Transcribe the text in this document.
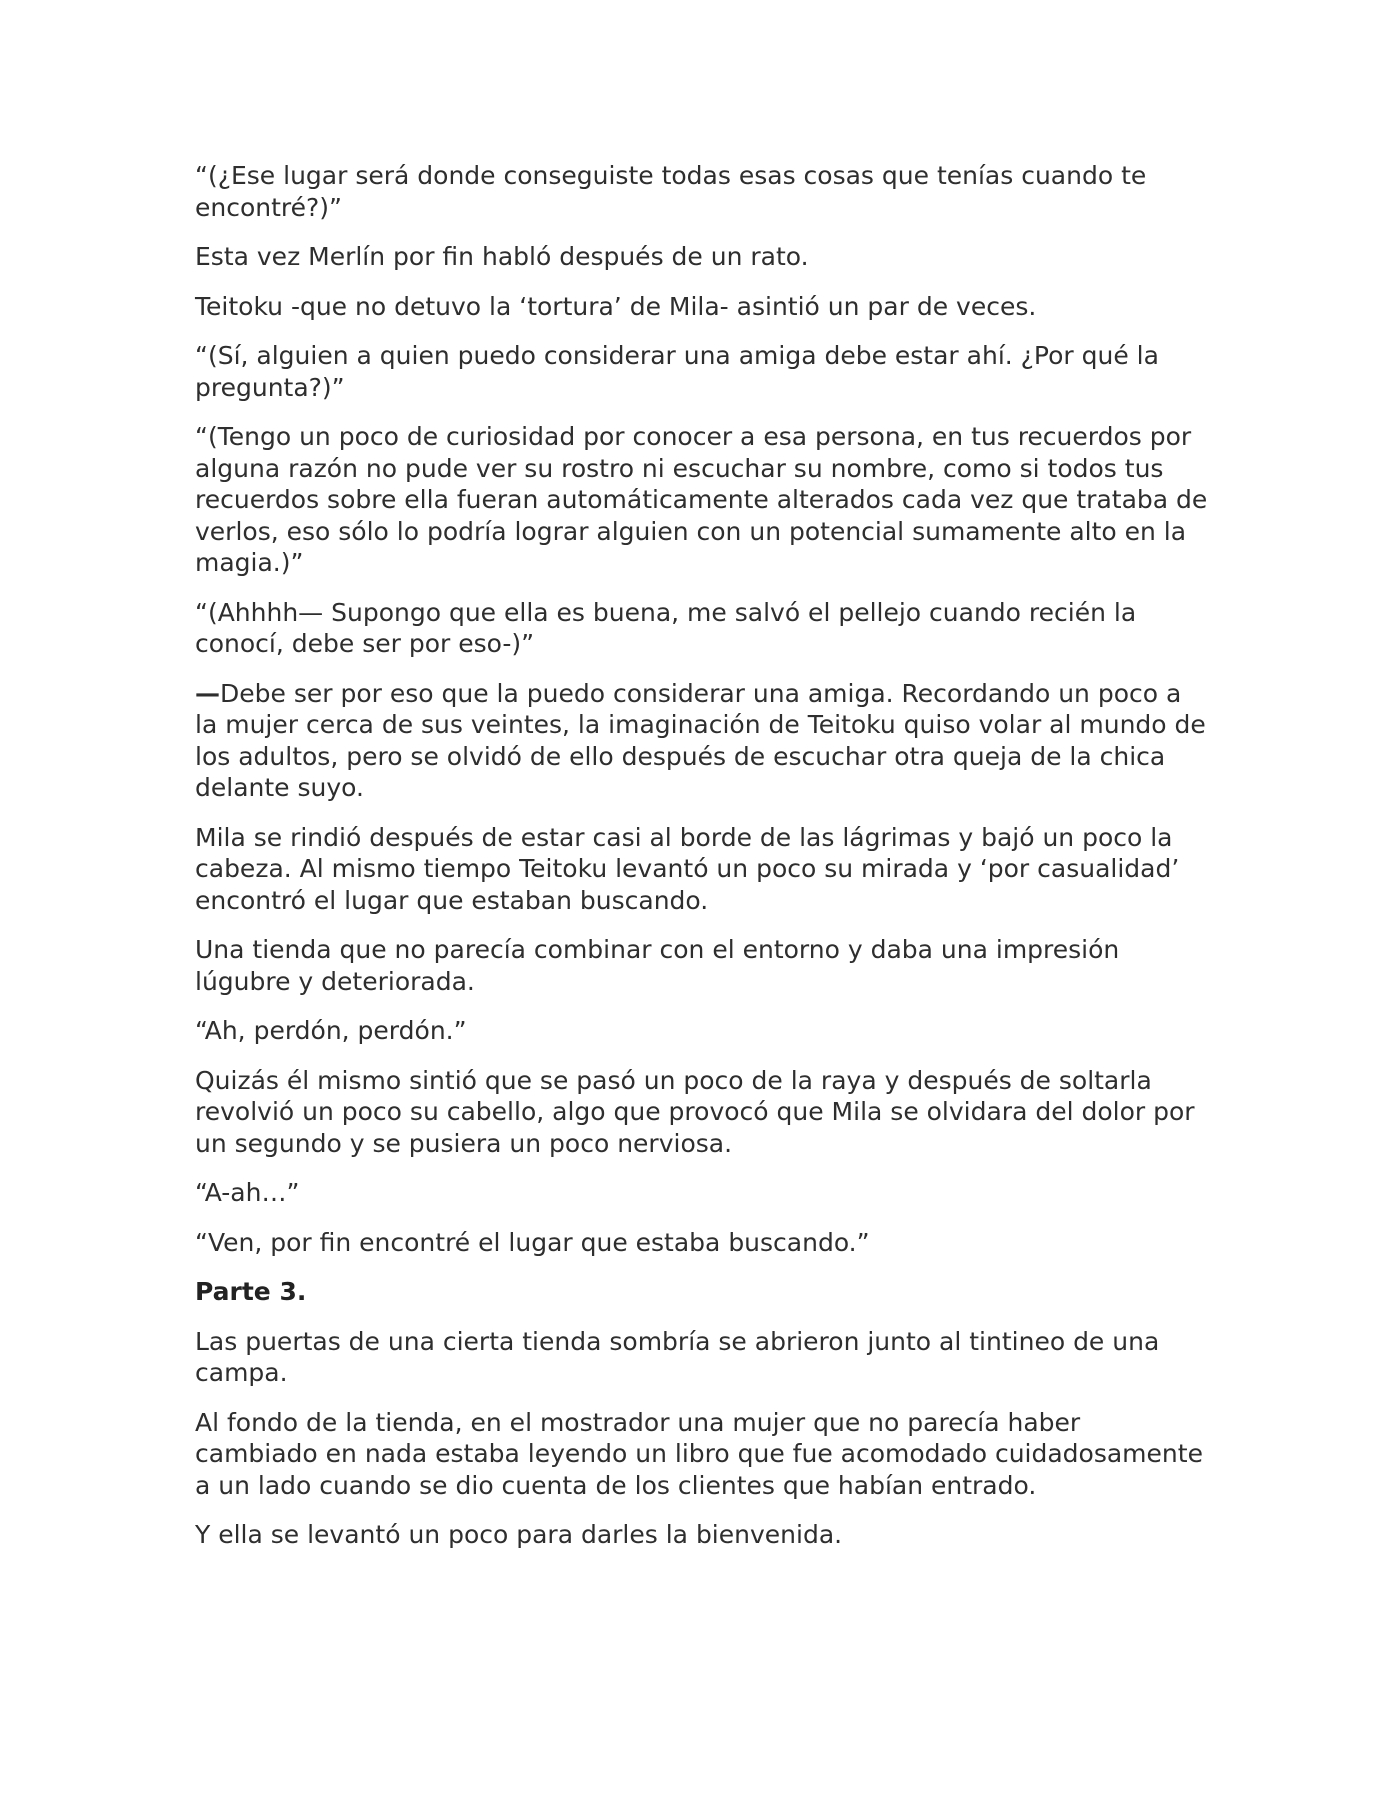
“(¿Ese lugar será donde conseguiste todas esas cosas que tenías cuando te encontré?)”

Esta vez Merlín por fin habló después de un rato.

Teitoku -que no detuvo la ‘tortura’ de Mila- asintió un par de veces.

“(Sí, alguien a quien puedo considerar una amiga debe estar ahí. ¿Por qué la pregunta?)”

“(Tengo un poco de curiosidad por conocer a esa persona, en tus recuerdos por alguna razón no pude ver su rostro ni escuchar su nombre, como si todos tus recuerdos sobre ella fueran automáticamente alterados cada vez que trataba de verlos, eso sólo lo podría lograr alguien con un potencial sumamente alto en la magia.)”

“(Ahhhh— Supongo que ella es buena, me salvó el pellejo cuando recién la conocí, debe ser por eso-)”

—Debe ser por eso que la puedo considerar una amiga. Recordando un poco a la mujer cerca de sus veintes, la imaginación de Teitoku quiso volar al mundo de los adultos, pero se olvidó de ello después de escuchar otra queja de la chica delante suyo.

Mila se rindió después de estar casi al borde de las lágrimas y bajó un poco la cabeza. Al mismo tiempo Teitoku levantó un poco su mirada y ‘por casualidad’ encontró el lugar que estaban buscando.

Una tienda que no parecía combinar con el entorno y daba una impresión lúgubre y deteriorada.

“Ah, perdón, perdón.”

Quizás él mismo sintió que se pasó un poco de la raya y después de soltarla revolvió un poco su cabello, algo que provocó que Mila se olvidara del dolor por un segundo y se pusiera un poco nerviosa.

“A-ah…”

“Ven, por fin encontré el lugar que estaba buscando.”

Parte 3.

Las puertas de una cierta tienda sombría se abrieron junto al tintineo de una campa.

Al fondo de la tienda, en el mostrador una mujer que no parecía haber cambiado en nada estaba leyendo un libro que fue acomodado cuidadosamente a un lado cuando se dio cuenta de los clientes que habían entrado.

Y ella se levantó un poco para darles la bienvenida.
